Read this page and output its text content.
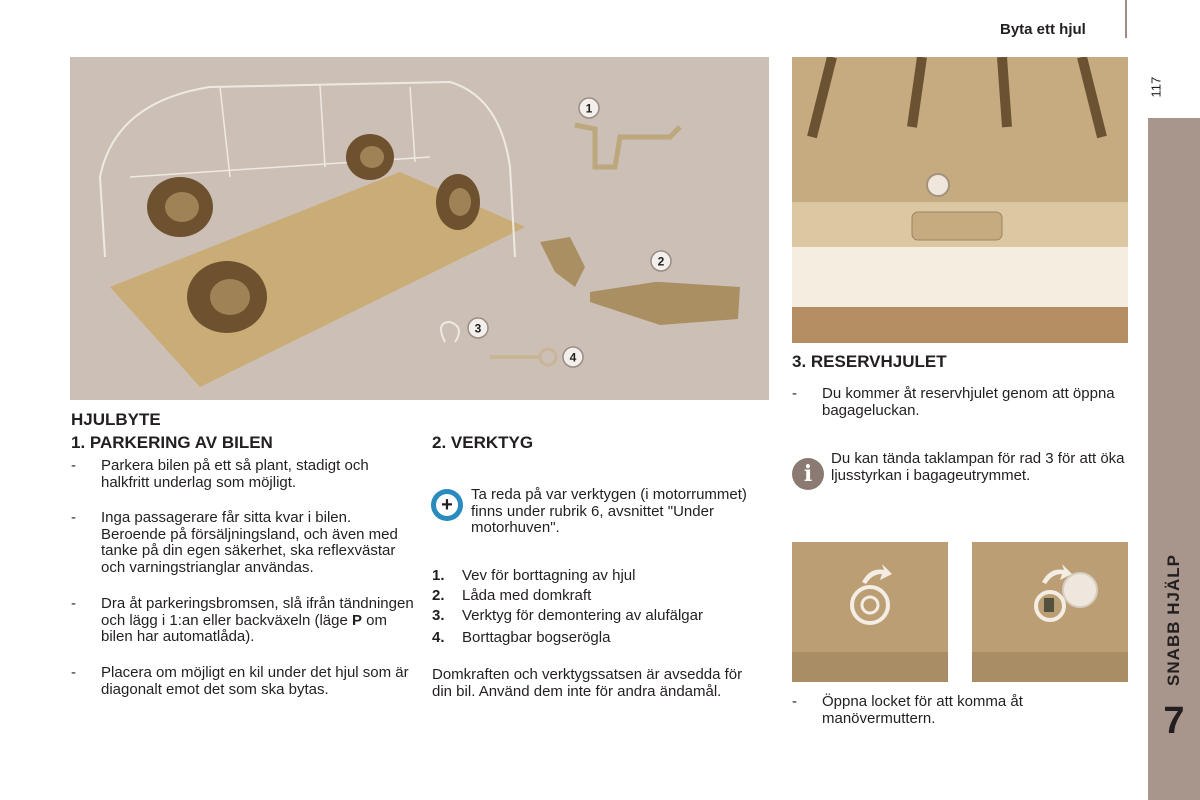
Byta ett hjul
117
SNABB HJÄLP
7
1
2
3
4
HJULBYTE
1. PARKERING AV BILEN
- Parkera bilen på ett så plant, stadigt och halkfritt underlag som möjligt.
- Inga passagerare får sitta kvar i bilen. Beroende på försäljningsland, och även med tanke på din egen säkerhet, ska reflexvästar och varningstrianglar användas.
- Dra åt parkeringsbromsen, slå ifrån tändningen och lägg i 1:an eller backväxeln (läge P om bilen har automatlåda).
- Placera om möjligt en kil under det hjul som är diagonalt emot det som ska bytas.
2. VERKTYG
+	Ta reda på var verktygen (i motorrummet) finns under rubrik 6, avsnittet "Under motorhuven".
1. Vev för borttagning av hjul
2. Låda med domkraft
3. Verktyg för demontering av alufälgar
4. Borttagbar bogserögla
Domkraften och verktygssatsen är avsedda för din bil. Använd dem inte för andra ändamål.
3. RESERVHJULET
- Du kommer åt reservhjulet genom att öppna bagageluckan.
i
Du kan tända taklampan för rad 3 för att öka ljusstyrkan i bagageutrymmet.
- Öppna locket för att komma åt manövermuttern.
